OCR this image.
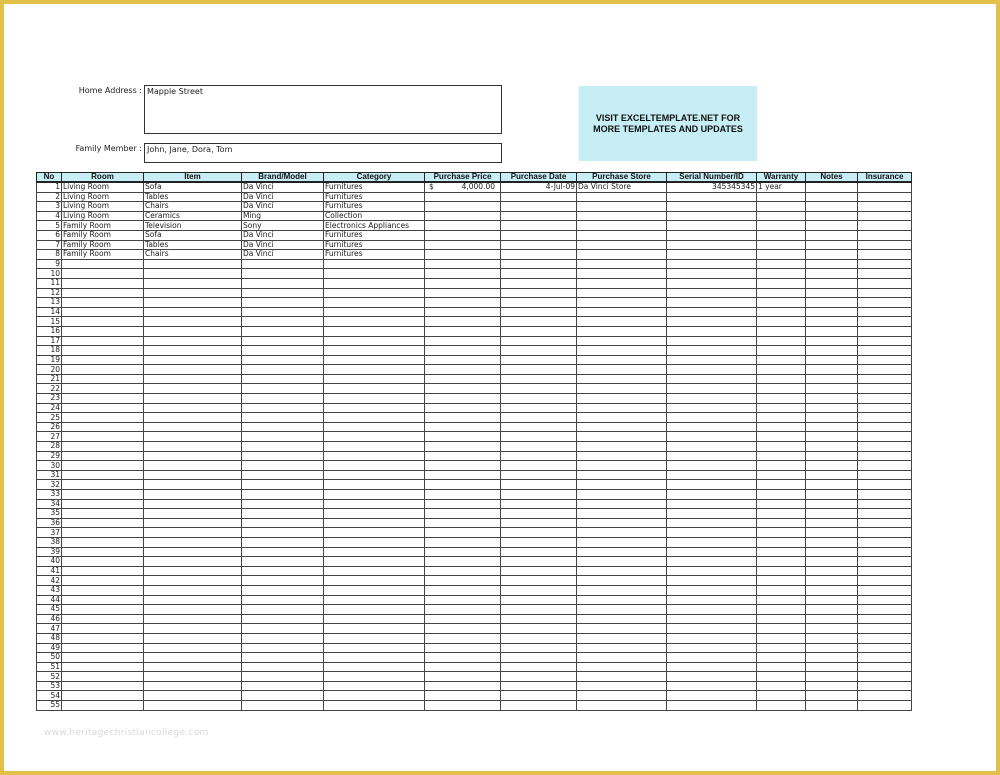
Home Address : Mapple Street
Family Member : John, Jane, Dora, Tom
VISIT EXCELTEMPLATE.NET FOR MORE TEMPLATES AND UPDATES
No	Room	Item	Brand/Model	Category	Purchase Price	Purchase Date	Purchase Store	Serial Number/ID	Warranty	Notes	Insurance
1	Living Room	Sofa	Da Vinci	Furnitures	$ 4,000.00	4-Jul-09	Da Vinci Store	345345345	1 year		
2	Living Room	Tables	Da Vinci	Furnitures	

3	Living Room	Chairs	Da Vinci	Furnitures	

4	Living Room	Ceramics	Ming	Collection	

5	Family Room	Television	Sony	Electronics Appliances	

6	Family Room	Sofa	Da Vinci	Furnitures	

7	Family Room	Tables	Da Vinci	Furnitures	

8	Family Room	Chairs	Da Vinci	Furnitures	

9					

10					

11					

12					

13					

14					

15					

16					

17					

18					

19					

20					

21					

22					

23					

24					

25					

26					

27					

28					

29					

30					

31					

32					

33					

34					

35					

36					

37					

38					

39					

40					

41					

42					

43					

44					

45					

46					

47					

48					

49					

50					

51					

52					

53					

54					

55					

www.heritagechristiancollege.com
